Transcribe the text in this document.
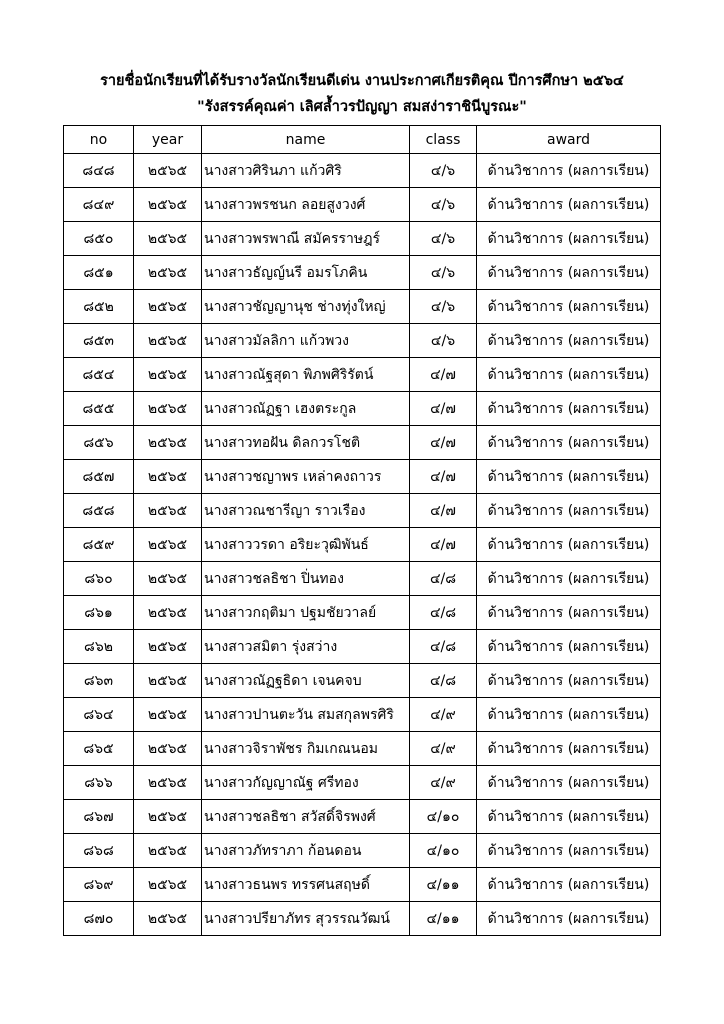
รายชื่อนักเรียนที่ได้รับรางวัลนักเรียนดีเด่น งานประกาศเกียรติคุณ ปีการศึกษา ๒๕๖๔
"รังสรรค์คุณค่า เลิศล้ำวรปัญญา สมสง่าราชินีบูรณะ"
no	year	name	class	award
๘๔๘	๒๕๖๕	นางสาวศิรินภา แก้วศิริ	๔/๖	ด้านวิชาการ (ผลการเรียน)
๘๔๙	๒๕๖๕	นางสาวพรชนก ลอยสูงวงศ์	๔/๖	ด้านวิชาการ (ผลการเรียน)
๘๕๐	๒๕๖๕	นางสาวพรพาณี สมัครราษฎร์	๔/๖	ด้านวิชาการ (ผลการเรียน)
๘๕๑	๒๕๖๕	นางสาวธัญญ์นรี อมรโภคิน	๔/๖	ด้านวิชาการ (ผลการเรียน)
๘๕๒	๒๕๖๕	นางสาวชัญญานุช ช่างทุ่งใหญ่	๔/๖	ด้านวิชาการ (ผลการเรียน)
๘๕๓	๒๕๖๕	นางสาวมัลลิกา แก้วพวง	๔/๖	ด้านวิชาการ (ผลการเรียน)
๘๕๔	๒๕๖๕	นางสาวณัฐสุดา พิภพศิริรัตน์	๔/๗	ด้านวิชาการ (ผลการเรียน)
๘๕๕	๒๕๖๕	นางสาวณัฏฐา เฮงตระกูล	๔/๗	ด้านวิชาการ (ผลการเรียน)
๘๕๖	๒๕๖๕	นางสาวทอฝัน ดิลกวรโชติ	๔/๗	ด้านวิชาการ (ผลการเรียน)
๘๕๗	๒๕๖๕	นางสาวชญาพร เหล่าคงถาวร	๔/๗	ด้านวิชาการ (ผลการเรียน)
๘๕๘	๒๕๖๕	นางสาวณชารีญา ราวเรือง	๔/๗	ด้านวิชาการ (ผลการเรียน)
๘๕๙	๒๕๖๕	นางสาววรดา อริยะวุฒิพันธ์	๔/๗	ด้านวิชาการ (ผลการเรียน)
๘๖๐	๒๕๖๕	นางสาวชลธิชา ปิ่นทอง	๔/๘	ด้านวิชาการ (ผลการเรียน)
๘๖๑	๒๕๖๕	นางสาวกฤติมา ปฐมชัยวาลย์	๔/๘	ด้านวิชาการ (ผลการเรียน)
๘๖๒	๒๕๖๕	นางสาวสมิตา รุ่งสว่าง	๔/๘	ด้านวิชาการ (ผลการเรียน)
๘๖๓	๒๕๖๕	นางสาวณัฏฐธิดา เจนคจบ	๔/๘	ด้านวิชาการ (ผลการเรียน)
๘๖๔	๒๕๖๕	นางสาวปานตะวัน สมสกุลพรศิริ	๔/๙	ด้านวิชาการ (ผลการเรียน)
๘๖๕	๒๕๖๕	นางสาวจิราพัชร กิมเกณนอม	๔/๙	ด้านวิชาการ (ผลการเรียน)
๘๖๖	๒๕๖๕	นางสาวกัญญาณัฐ ศรีทอง	๔/๙	ด้านวิชาการ (ผลการเรียน)
๘๖๗	๒๕๖๕	นางสาวชลธิชา สวัสดิ์จิรพงศ์	๔/๑๐	ด้านวิชาการ (ผลการเรียน)
๘๖๘	๒๕๖๕	นางสาวภัทราภา ก้อนดอน	๔/๑๐	ด้านวิชาการ (ผลการเรียน)
๘๖๙	๒๕๖๕	นางสาวธนพร ทรรศนสฤษดิ์	๔/๑๑	ด้านวิชาการ (ผลการเรียน)
๘๗๐	๒๕๖๕	นางสาวปรียาภัทร สุวรรณวัฒน์	๔/๑๑	ด้านวิชาการ (ผลการเรียน)
